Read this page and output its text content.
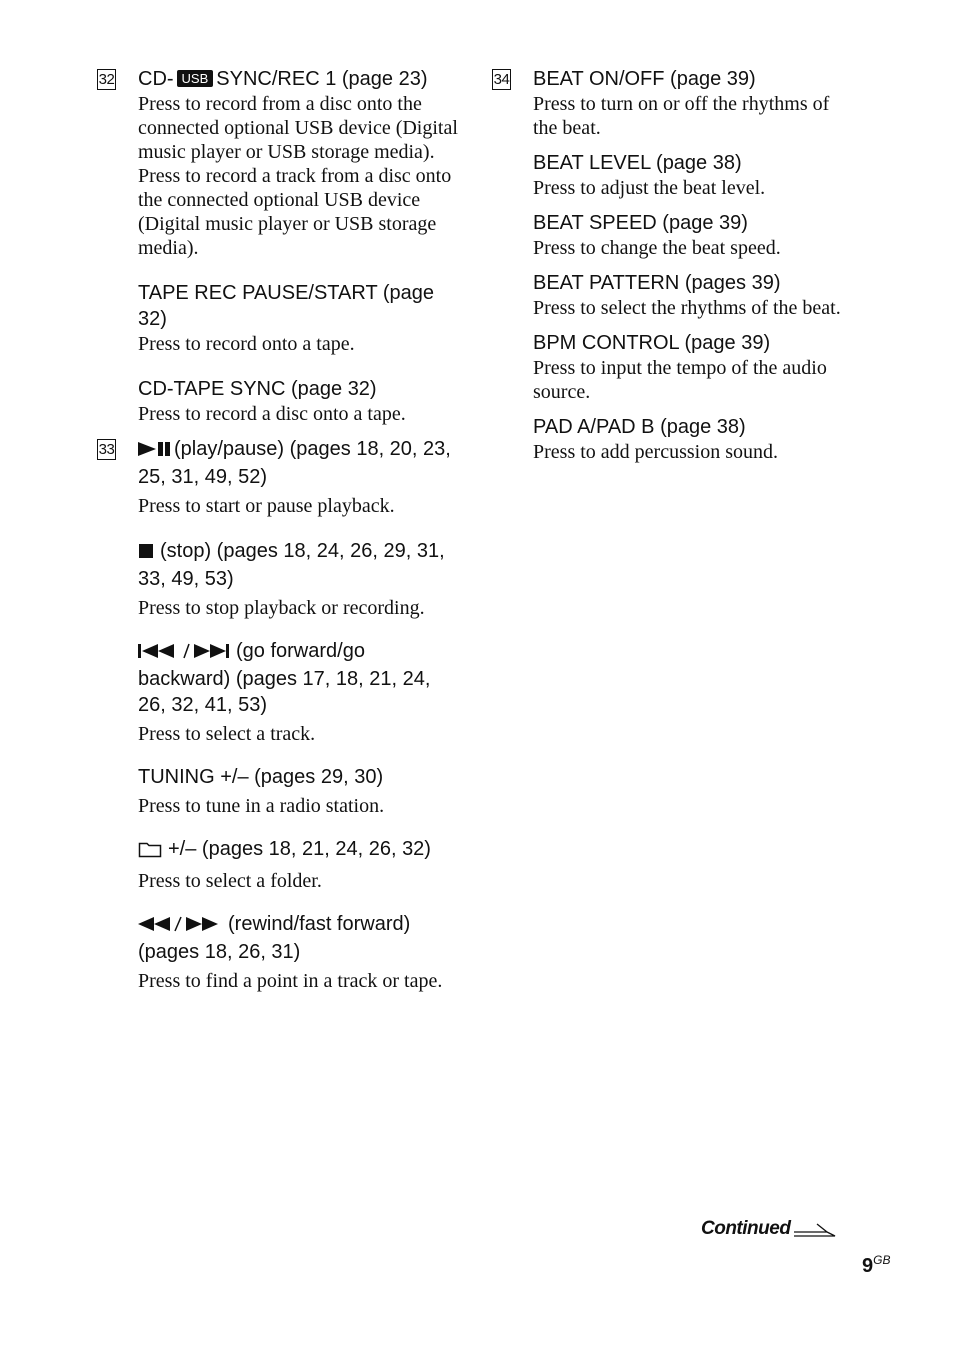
32 CD- USB SYNC/REC 1 (page 23)
Press to record from a disc onto the connected optional USB device (Digital music player or USB storage media).
Press to record a track from a disc onto the connected optional USB device (Digital music player or USB storage media).
TAPE REC PAUSE/START (page 32)
Press to record onto a tape.
CD-TAPE SYNC (page 32)
Press to record a disc onto a tape.
33	(play/pause) (pages 18, 20, 23, 25, 31, 49, 52)
Press to start or pause playback.
(stop) (pages 18, 24, 26, 29, 31, 33, 49, 53)
Press to stop playback or recording.
(go forward/go backward) (pages 17, 18, 21, 24, 26, 32, 41, 53)
Press to select a track.
TUNING +/– (pages 29, 30)
Press to tune in a radio station.
+/– (pages 18, 21, 24, 26, 32)
Press to select a folder.
(rewind/fast forward) (pages 18, 26, 31)
Press to find a point in a track or tape.
34 BEAT ON/OFF (page 39)
Press to turn on or off the rhythms of the beat.
BEAT LEVEL (page 38)
Press to adjust the beat level.
BEAT SPEED (page 39)
Press to change the beat speed.
BEAT PATTERN (pages 39)
Press to select the rhythms of the beat.
BPM CONTROL (page 39)
Press to input the tempo of the audio source.
PAD A/PAD B (page 38)
Press to add percussion sound.
Continued
$9^{GB}$
